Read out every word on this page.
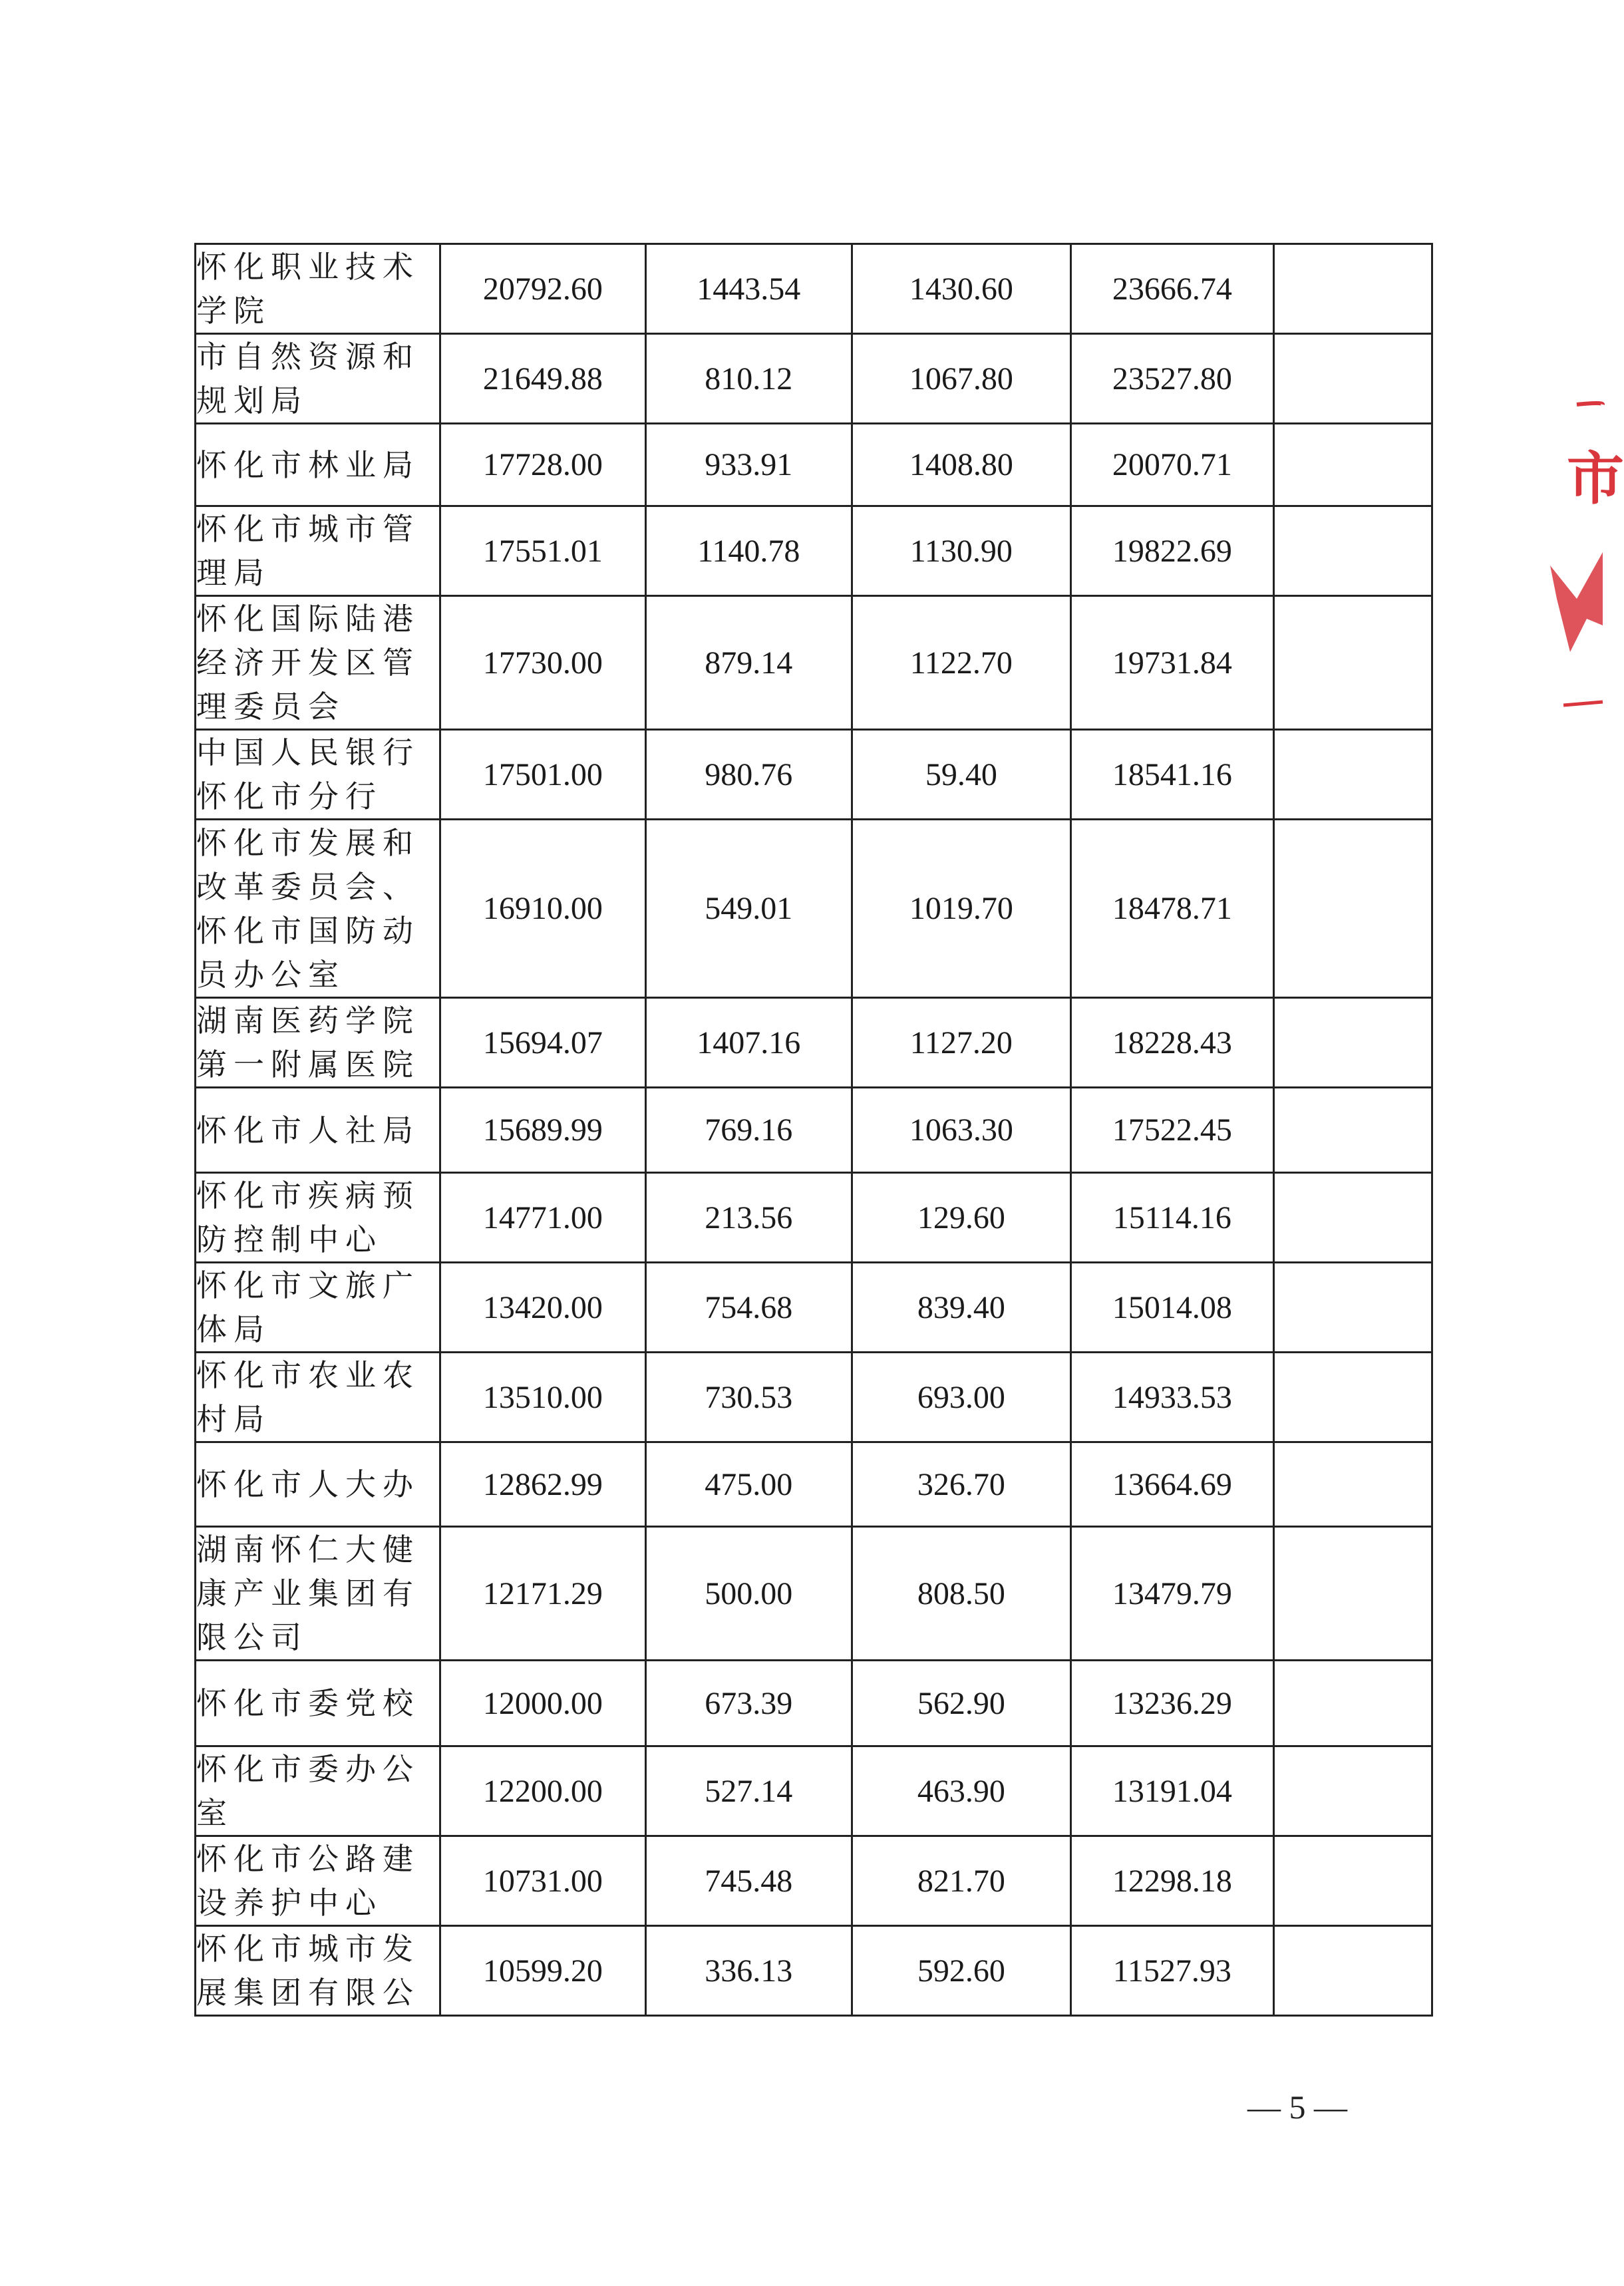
怀化职业技术学院	20792.60	1443.54	1430.60	23666.74	
市自然资源和规划局	21649.88	810.12	1067.80	23527.80	
怀化市林业局	17728.00	933.91	1408.80	20070.71	
怀化市城市管理局	17551.01	1140.78	1130.90	19822.69	
怀化国际陆港经济开发区管理委员会	17730.00	879.14	1122.70	19731.84	
中国人民银行怀化市分行	17501.00	980.76	59.40	18541.16	
怀化市发展和改革委员会、怀化市国防动员办公室	16910.00	549.01	1019.70	18478.71	
湖南医药学院第一附属医院	15694.07	1407.16	1127.20	18228.43	
怀化市人社局	15689.99	769.16	1063.30	17522.45	
怀化市疾病预防控制中心	14771.00	213.56	129.60	15114.16	
怀化市文旅广体局	13420.00	754.68	839.40	15014.08	
怀化市农业农村局	13510.00	730.53	693.00	14933.53	
怀化市人大办	12862.99	475.00	326.70	13664.69	
湖南怀仁大健康产业集团有限公司	12171.29	500.00	808.50	13479.79	
怀化市委党校	12000.00	673.39	562.90	13236.29	
怀化市委办公室	12200.00	527.14	463.90	13191.04	
怀化市公路建设养护中心	10731.00	745.48	821.70	12298.18	
怀化市城市发展集团有限公	10599.20	336.13	592.60	11527.93	
市
— 5 —
